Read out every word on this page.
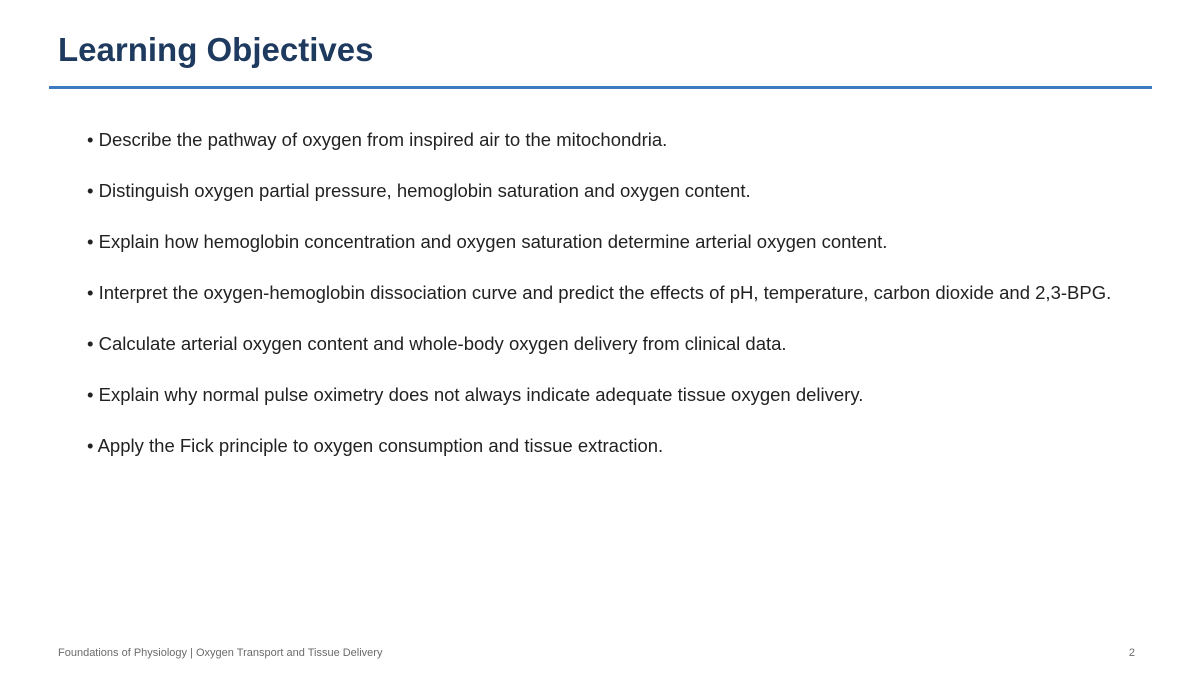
Learning Objectives
• Describe the pathway of oxygen from inspired air to the mitochondria.
• Distinguish oxygen partial pressure, hemoglobin saturation and oxygen content.
• Explain how hemoglobin concentration and oxygen saturation determine arterial oxygen content.
• Interpret the oxygen-hemoglobin dissociation curve and predict the effects of pH, temperature, carbon dioxide and 2,3-BPG.
• Calculate arterial oxygen content and whole-body oxygen delivery from clinical data.
• Explain why normal pulse oximetry does not always indicate adequate tissue oxygen delivery.
• Apply the Fick principle to oxygen consumption and tissue extraction.
Foundations of Physiology | Oxygen Transport and Tissue Delivery	2
